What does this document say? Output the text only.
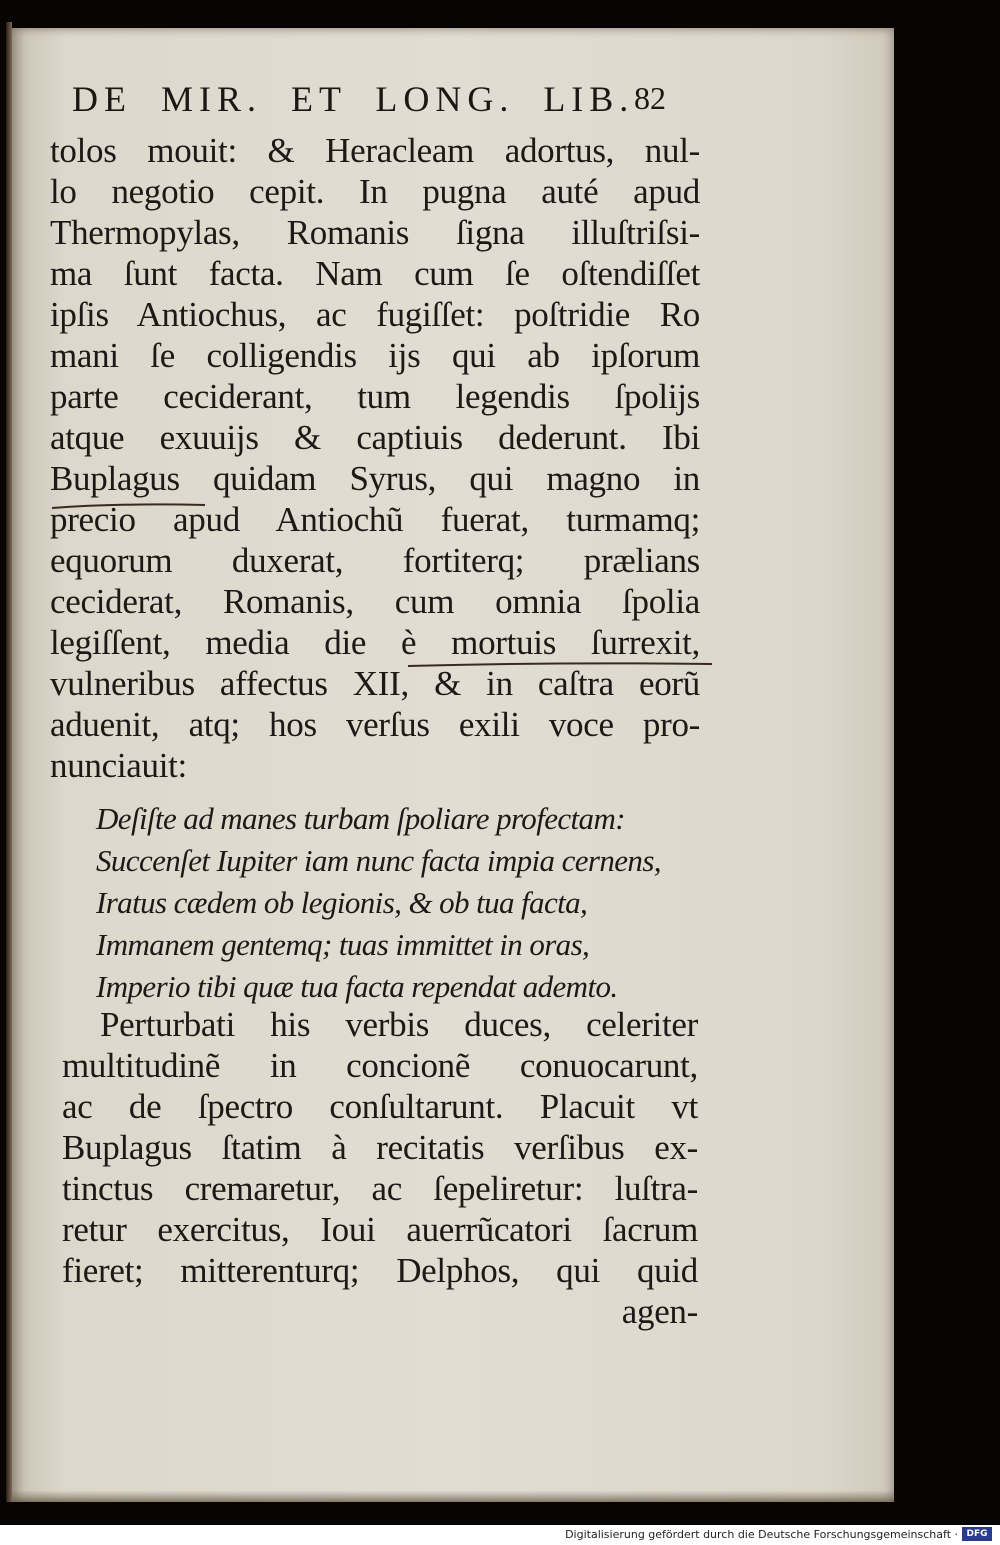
DE MIR. ET LONG. LIB. 82
tolos mouit: & Heracleam adortus, nul-
lo negotio cepit. In pugna auté apud
Thermopylas, Romanis ſigna illuſtriſsi-
ma ſunt facta. Nam cum ſe oſtendiſſet
ipſis Antiochus, ac fugiſſet: poſtridie Ro
mani ſe colligendis ijs qui ab ipſorum
parte ceciderant, tum legendis ſpolijs
atque exuuijs & captiuis dederunt. Ibi
Buplagus quidam Syrus, qui magno in
precio apud Antiochũ fuerat, turmamq;
equorum duxerat, fortiterq; prælians
ceciderat, Romanis, cum omnia ſpolia
legiſſent, media die è mortuis ſurrexit,
vulneribus affectus XII, & in caſtra eorũ
aduenit, atq; hos verſus exili voce pro-
nunciauit:
Deſiſte ad manes turbam ſpoliare profectam:
Succenſet Iupiter iam nunc facta impia cernens,
Iratus cædem ob legionis, & ob tua facta,
Immanem gentemq; tuas immittet in oras,
Imperio tibi quæ tua facta rependat ademto.
Perturbati his verbis duces, celeriter
multitudinẽ in concionẽ conuocarunt,
ac de ſpectro conſultarunt. Placuit vt
Buplagus ſtatim à recitatis verſibus ex-
tinctus cremaretur, ac ſepeliretur: luſtra-
retur exercitus, Ioui auerrũcatori ſacrum
fieret; mitterenturq; Delphos, qui quid
agen-
Digitalisierung gefördert durch die Deutsche Forschungsgemeinschaft · DFG
